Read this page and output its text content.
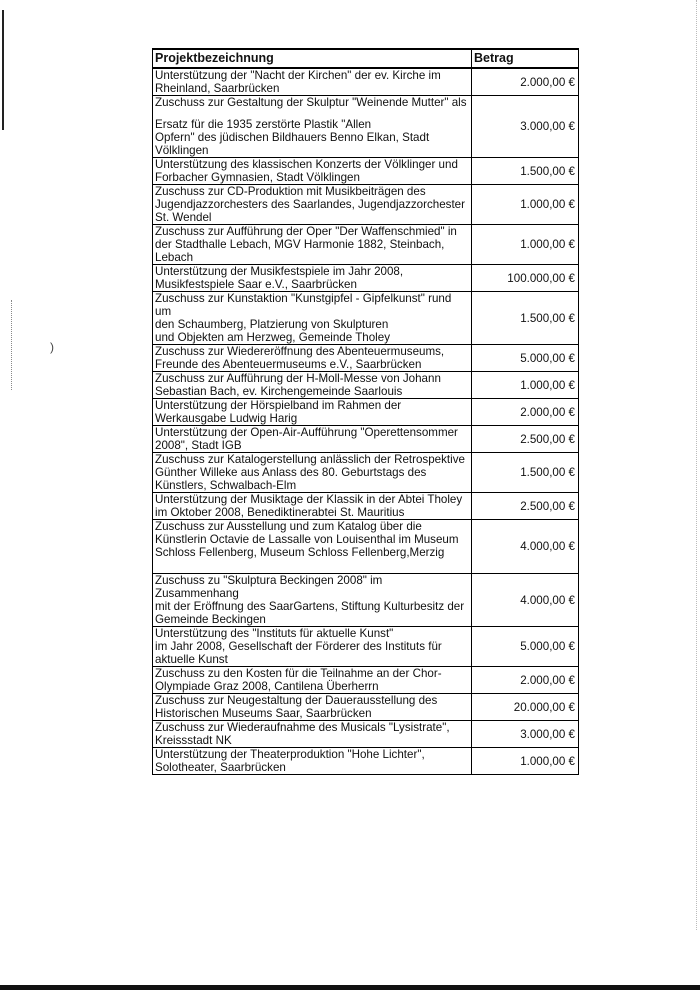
)
Projektbezeichnung	Betrag

Unterstützung der "Nacht der Kirchen" der ev. Kirche im
Rheinland, Saarbrücken	2.000,00 €

Zuschuss zur Gestaltung der Skulptur "Weinende Mutter" als
Ersatz für die 1935 zerstörte Plastik "Allen
Opfern" des jüdischen Bildhauers Benno Elkan, Stadt
Völklingen	3.000,00 €

Unterstützung des klassischen Konzerts der Völklinger und
Forbacher Gymnasien, Stadt Völklingen	1.500,00 €

Zuschuss zur CD-Produktion mit Musikbeiträgen des
Jugendjazzorchesters des Saarlandes, Jugendjazzorchester
St. Wendel	1.000,00 €

Zuschuss zur Aufführung der Oper "Der Waffenschmied" in
der Stadthalle Lebach, MGV Harmonie 1882, Steinbach,
Lebach	1.000,00 €

Unterstützung der Musikfestspiele im Jahr 2008,
Musikfestspiele Saar e.V., Saarbrücken	100.000,00 €

Zuschuss zur Kunstaktion "Kunstgipfel - Gipfelkunst" rund
um
den Schaumberg, Platzierung von Skulpturen
und Objekten am Herzweg, Gemeinde Tholey	1.500,00 €

Zuschuss zur Wiedereröffnung des Abenteuermuseums,
Freunde des Abenteuermuseums e.V., Saarbrücken	5.000,00 €

Zuschuss zur Aufführung der H-Moll-Messe von Johann
Sebastian Bach, ev. Kirchengemeinde Saarlouis	1.000,00 €

Unterstützung der Hörspielband im Rahmen der
Werkausgabe Ludwig Harig	2.000,00 €

Unterstützung der Open-Air-Aufführung "Operettensommer
2008", Stadt IGB	2.500,00 €

Zuschuss zur Katalogerstellung anlässlich der Retrospektive
Günther Willeke aus Anlass des 80. Geburtstags des
Künstlers, Schwalbach-Elm	1.500,00 €

Unterstützung der Musiktage der Klassik in der Abtei Tholey
im Oktober 2008, Benediktinerabtei St. Mauritius	2.500,00 €

Zuschuss zur Ausstellung und zum Katalog über die
Künstlerin Octavie de Lassalle von Louisenthal im Museum
Schloss Fellenberg, Museum Schloss Fellenberg,Merzig	4.000,00 €

Zuschuss zu "Skulptura Beckingen 2008" im
Zusammenhang
mit der Eröffnung des SaarGartens, Stiftung Kulturbesitz der
Gemeinde Beckingen	4.000,00 €

Unterstützung des "Instituts für aktuelle Kunst"
im Jahr 2008, Gesellschaft der Förderer des Instituts für
aktuelle Kunst	5.000,00 €

Zuschuss zu den Kosten für die Teilnahme an der Chor-
Olympiade Graz 2008, Cantilena Überherrn	2.000,00 €

Zuschuss zur Neugestaltung der Dauerausstellung des
Historischen Museums Saar, Saarbrücken	20.000,00 €

Zuschuss zur Wiederaufnahme des Musicals "Lysistrate",
Kreissstadt NK	3.000,00 €

Unterstützung der Theaterproduktion "Hohe Lichter",
Solotheater, Saarbrücken	1.000,00 €
